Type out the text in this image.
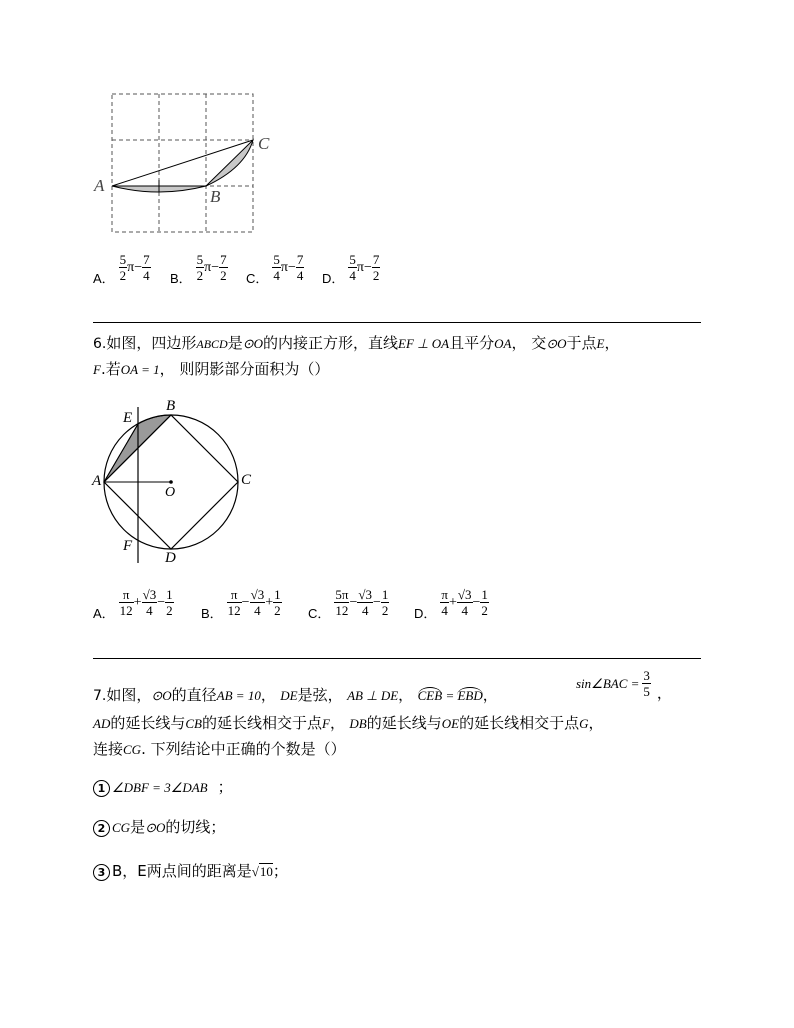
A
B
C
A． $\frac{5}{2} \pi- \frac{7}{4}$ B． $\frac{5}{2} \pi- \frac{7}{2}$ C． $\frac{5}{4} \pi- \frac{7}{4}$ D． $\frac{5}{4} \pi- \frac{7}{2}$
6.如图，四边形ABCD是⊙O的内接正方形，直线EF ⊥ OA且平分OA， 交⊙O于点E，
F.若OA = 1， 则阴影部分面积为（）
E
B
A
O
C
F
D
A． $\frac{\pi}{12} + \frac{√3}{4} - \frac{1}{2}$ B． $\frac{\pi}{12} - \frac{√3}{4} + \frac{1}{2}$ C． $\frac{5\pi}{12} - \frac{√3}{4} - \frac{1}{2}$ D． $\frac{\pi}{4} + \frac{√3}{4} - \frac{1}{2}$
7.如图，⊙O的直径AB = 10， DE是弦， AB ⊥ DE， CEB = EBD，
sin∠BAC = $\frac{3}{5}$ ，
AD的延长线与CB的延长线相交于点F， DB的延长线与OE的延长线相交于点G，
连接CG. 下列结论中正确的个数是（）
1 ∠DBF = 3∠DAB ；
2 CG是⊙O的切线；
3 B，E两点间的距离是√10；
